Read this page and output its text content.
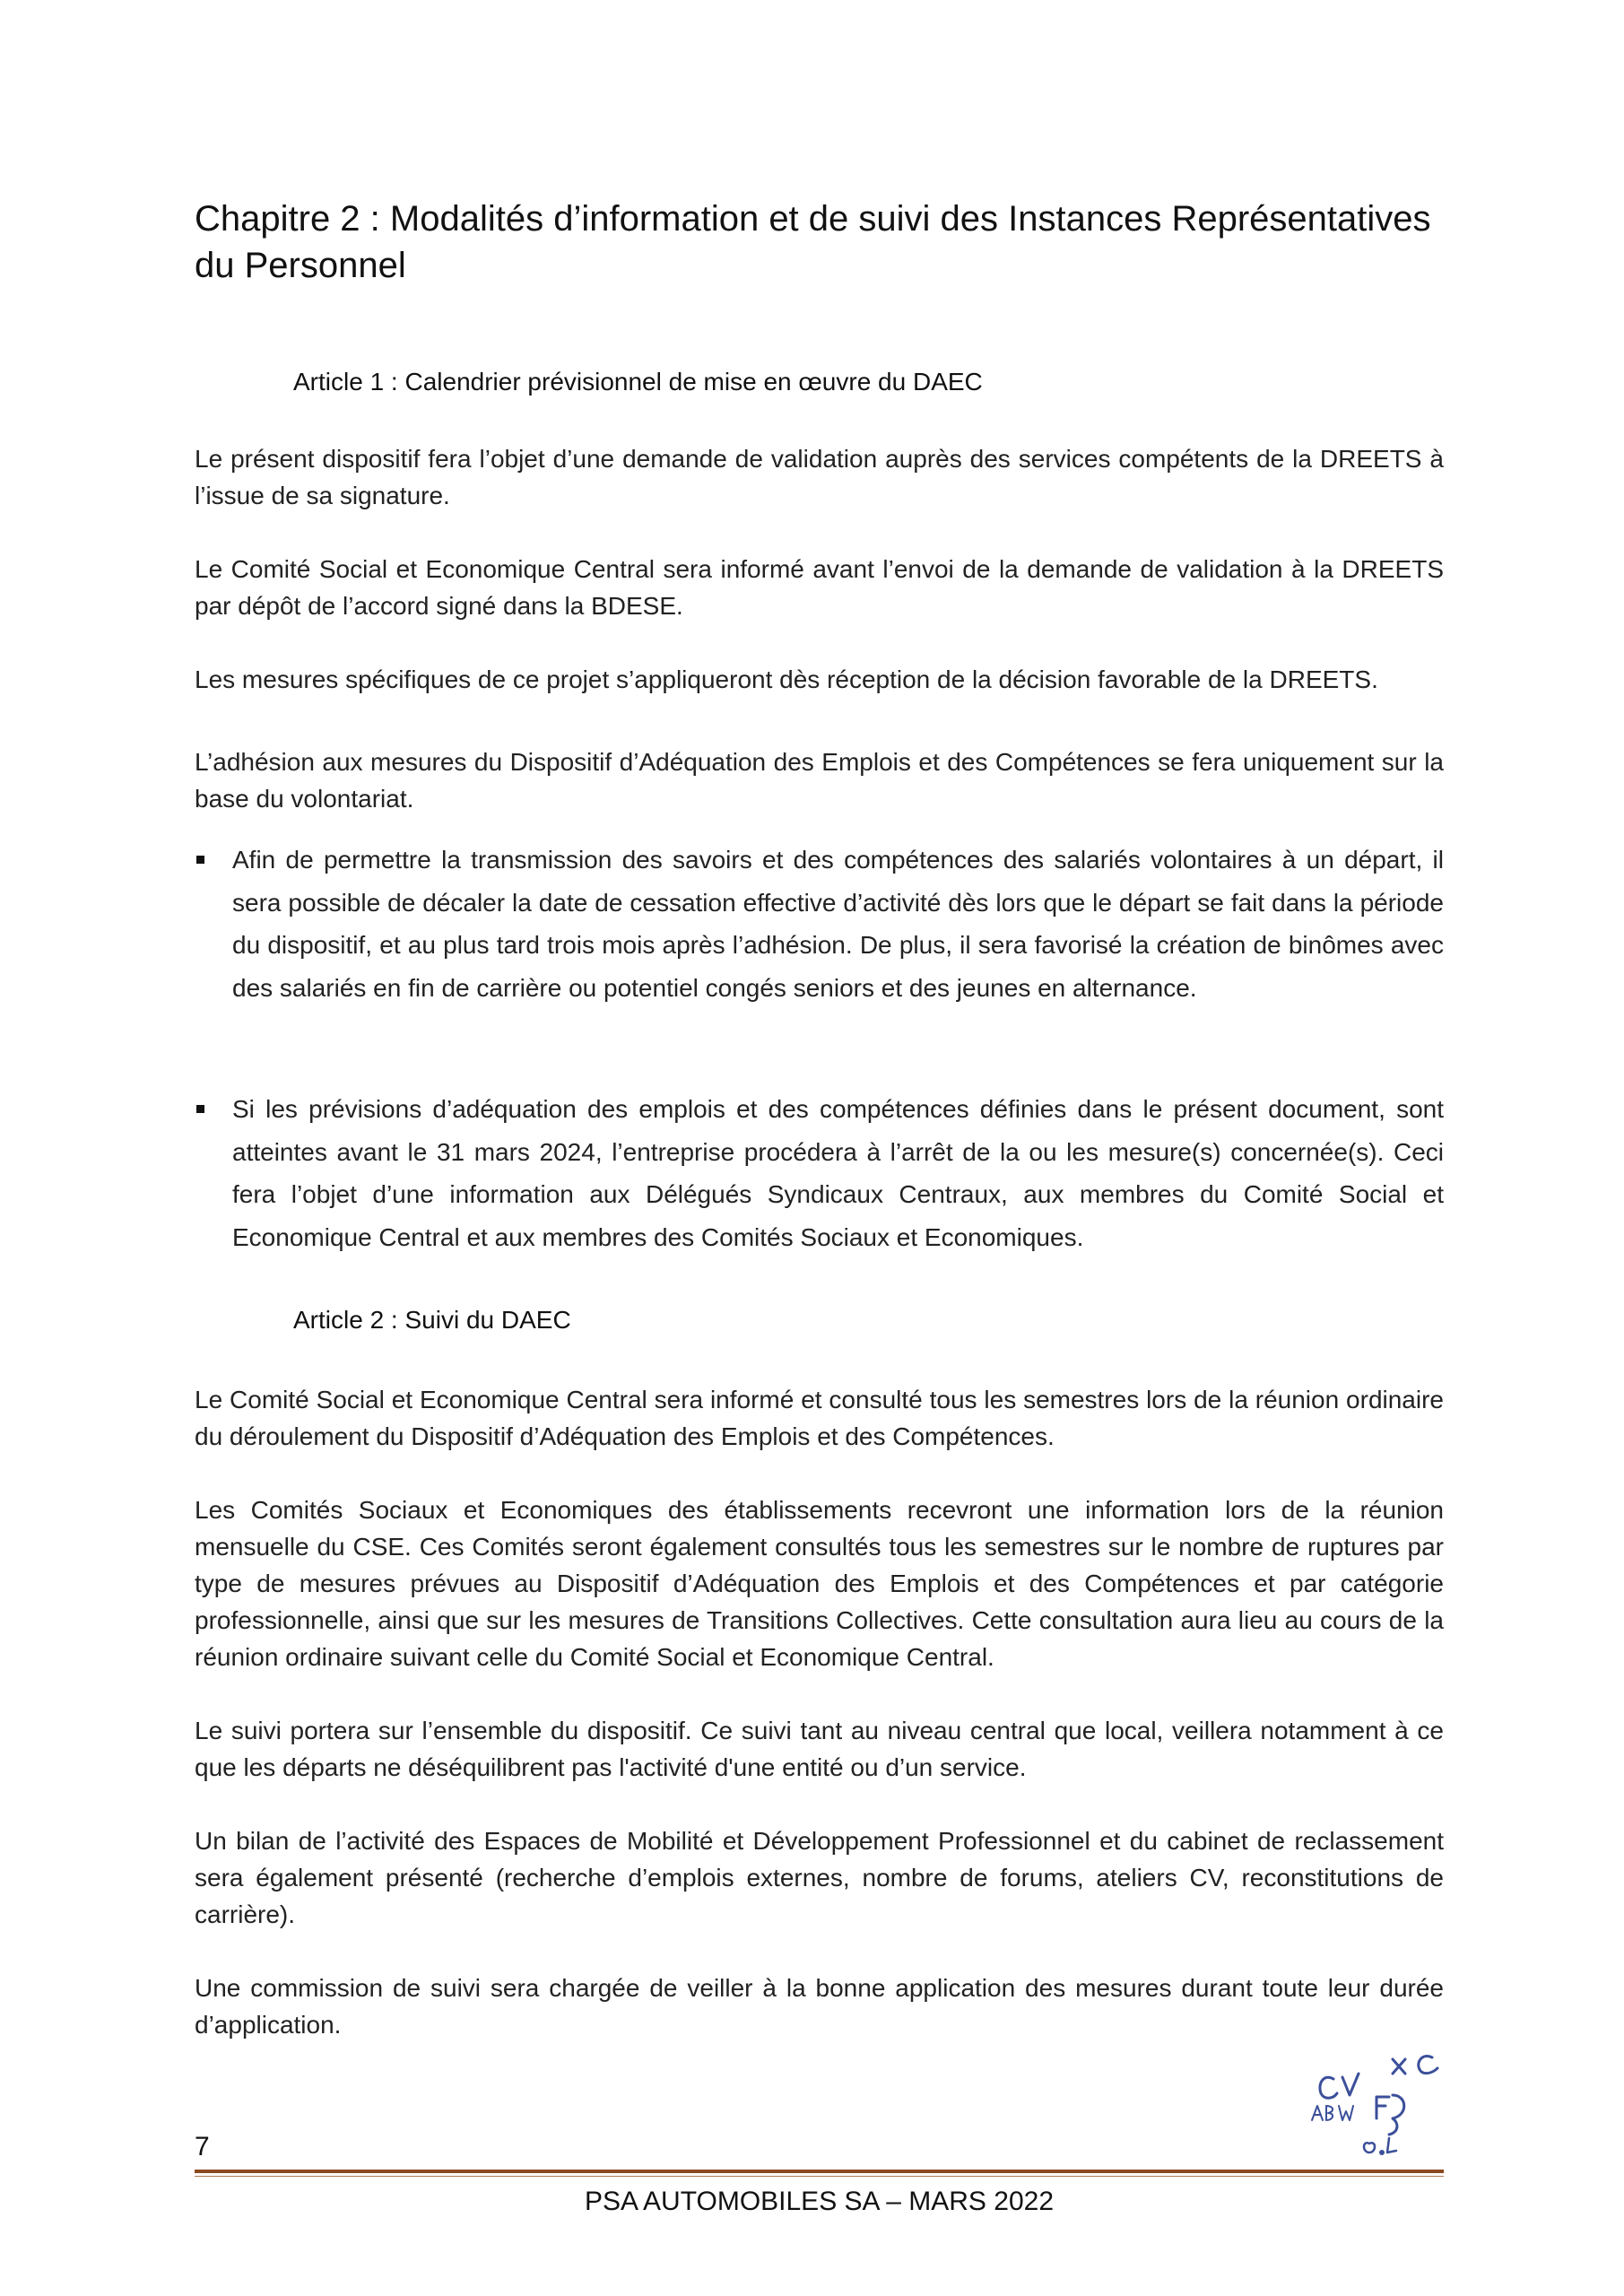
Chapitre 2 : Modalités d’information et de suivi des Instances Représentatives du Personnel
Article 1 : Calendrier prévisionnel de mise en œuvre du DAEC

Le présent dispositif fera l’objet d’une demande de validation auprès des services compétents de la DREETS à l’issue de sa signature.

Le Comité Social et Economique Central sera informé avant l’envoi de la demande de validation à la DREETS par dépôt de l’accord signé dans la BDESE.

Les mesures spécifiques de ce projet s’appliqueront dès réception de la décision favorable de la DREETS.

L’adhésion aux mesures du Dispositif d’Adéquation des Emplois et des Compétences se fera uniquement sur la base du volontariat.

Afin de permettre la transmission des savoirs et des compétences des salariés volontaires à un départ, il sera possible de décaler la date de cessation effective d’activité dès lors que le départ se fait dans la période du dispositif, et au plus tard trois mois après l’adhésion. De plus, il sera favorisé la création de binômes avec des salariés en fin de carrière ou potentiel congés seniors et des jeunes en alternance.
Si les prévisions d’adéquation des emplois et des compétences définies dans le présent document, sont atteintes avant le 31 mars 2024, l’entreprise procédera à l’arrêt de la ou les mesure(s) concernée(s). Ceci fera l’objet d’une information aux Délégués Syndicaux Centraux, aux membres du Comité Social et Economique Central et aux membres des Comités Sociaux et Economiques.
Article 2 : Suivi du DAEC

Le Comité Social et Economique Central sera informé et consulté tous les semestres lors de la réunion ordinaire du déroulement du Dispositif d’Adéquation des Emplois et des Compétences.

Les Comités Sociaux et Economiques des établissements recevront une information lors de la réunion mensuelle du CSE. Ces Comités seront également consultés tous les semestres sur le nombre de ruptures par type de mesures prévues au Dispositif d’Adéquation des Emplois et des Compétences et par catégorie professionnelle, ainsi que sur les mesures de Transitions Collectives. Cette consultation aura lieu au cours de la réunion ordinaire suivant celle du Comité Social et Economique Central.

Le suivi portera sur l’ensemble du dispositif. Ce suivi tant au niveau central que local, veillera notamment à ce que les départs ne déséquilibrent pas l'activité d'une entité ou d’un service.

Un bilan de l’activité des Espaces de Mobilité et Développement Professionnel et du cabinet de reclassement sera également présenté (recherche d’emplois externes, nombre de forums, ateliers CV, reconstitutions de carrière).

Une commission de suivi sera chargée de veiller à la bonne application des mesures durant toute leur durée d’application.

7
PSA AUTOMOBILES SA – MARS 2022
